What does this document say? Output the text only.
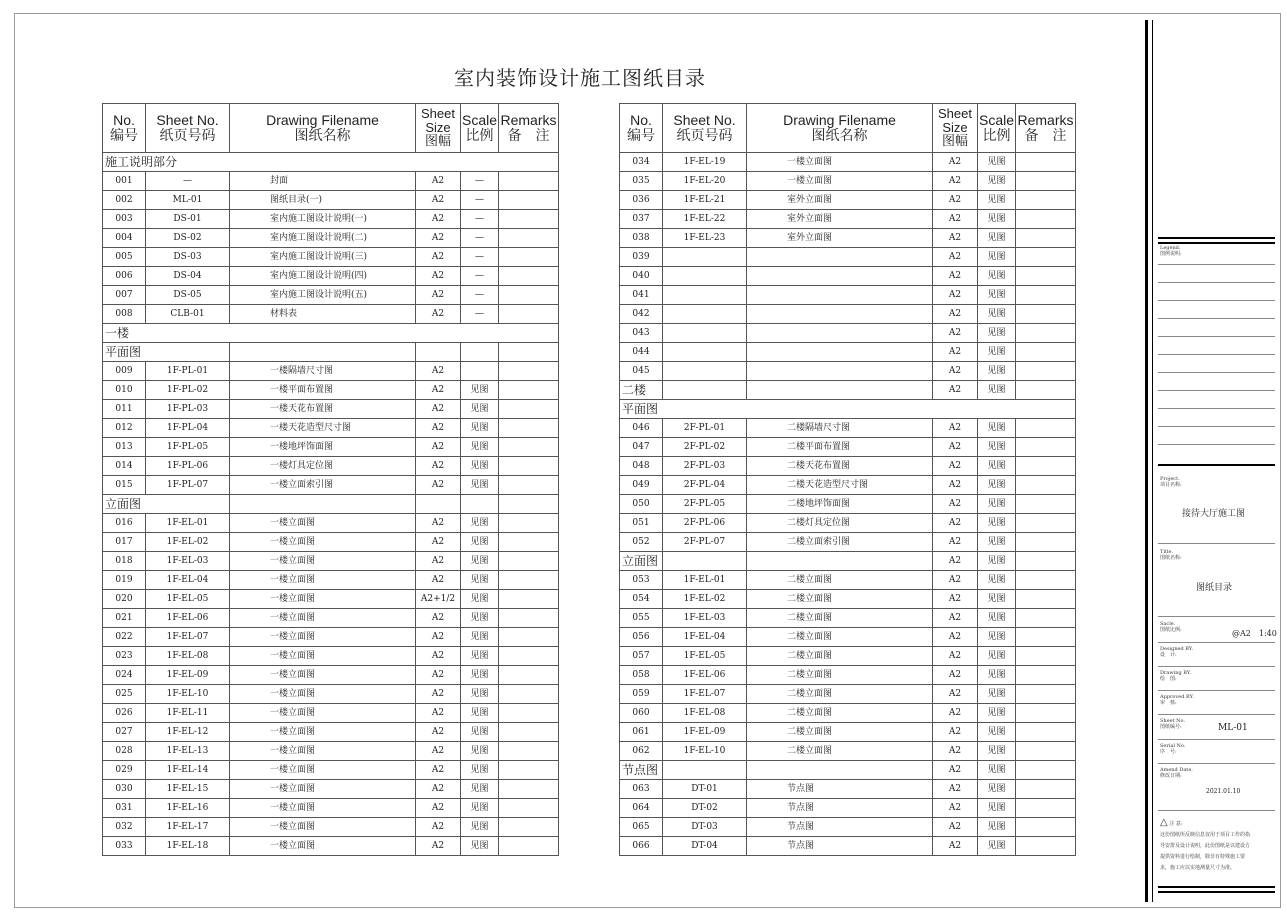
室内装饰设计施工图纸目录
No.
编号	Sheet No.
纸页号码	Drawing Filename
图纸名称	Sheet
Size
图幅	Scale
比例	Remarks
备　注
施工说明部分					
001	—	封面	A2	—	
002	ML-01	图纸目录(一)	A2	—	
003	DS-01	室内施工图设计说明(一)	A2	—	
004	DS-02	室内施工图设计说明(二)	A2	—	
005	DS-03	室内施工图设计说明(三)	A2	—	
006	DS-04	室内施工图设计说明(四)	A2	—	
007	DS-05	室内施工图设计说明(五)	A2	—	
008	CLB-01	材料表	A2	—	
一楼					
平面图					
009	1F-PL-01	一楼隔墙尺寸图	A2		
010	1F-PL-02	一楼平面布置图	A2	见图	
011	1F-PL-03	一楼天花布置图	A2	见图	
012	1F-PL-04	一楼天花造型尺寸图	A2	见图	
013	1F-PL-05	一楼地坪饰面图	A2	见图	
014	1F-PL-06	一楼灯具定位图	A2	见图	
015	1F-PL-07	一楼立面索引图	A2	见图	
立面图					
016	1F-EL-01	一楼立面图	A2	见图	
017	1F-EL-02	一楼立面图	A2	见图	
018	1F-EL-03	一楼立面图	A2	见图	
019	1F-EL-04	一楼立面图	A2	见图	
020	1F-EL-05	一楼立面图	A2+1/2	见图	
021	1F-EL-06	一楼立面图	A2	见图	
022	1F-EL-07	一楼立面图	A2	见图	
023	1F-EL-08	一楼立面图	A2	见图	
024	1F-EL-09	一楼立面图	A2	见图	
025	1F-EL-10	一楼立面图	A2	见图	
026	1F-EL-11	一楼立面图	A2	见图	
027	1F-EL-12	一楼立面图	A2	见图	
028	1F-EL-13	一楼立面图	A2	见图	
029	1F-EL-14	一楼立面图	A2	见图	
030	1F-EL-15	一楼立面图	A2	见图	
031	1F-EL-16	一楼立面图	A2	见图	
032	1F-EL-17	一楼立面图	A2	见图	
033	1F-EL-18	一楼立面图	A2	见图	
No.
编号	Sheet No.
纸页号码	Drawing Filename
图纸名称	Sheet
Size
图幅	Scale
比例	Remarks
备　注
034	1F-EL-19	一楼立面图	A2	见图	
035	1F-EL-20	一楼立面图	A2	见图	
036	1F-EL-21	室外立面图	A2	见图	
037	1F-EL-22	室外立面图	A2	见图	
038	1F-EL-23	室外立面图	A2	见图	
039			A2	见图	
040			A2	见图	
041			A2	见图	
042			A2	见图	
043			A2	见图	
044			A2	见图	
045			A2	见图	
二楼			A2	见图	
平面图					
046	2F-PL-01	二楼隔墙尺寸图	A2	见图	
047	2F-PL-02	二楼平面布置图	A2	见图	
048	2F-PL-03	二楼天花布置图	A2	见图	
049	2F-PL-04	二楼天花造型尺寸图	A2	见图	
050	2F-PL-05	二楼地坪饰面图	A2	见图	
051	2F-PL-06	二楼灯具定位图	A2	见图	
052	2F-PL-07	二楼立面索引图	A2	见图	
立面图			A2	见图	
053	1F-EL-01	二楼立面图	A2	见图	
054	1F-EL-02	二楼立面图	A2	见图	
055	1F-EL-03	二楼立面图	A2	见图	
056	1F-EL-04	二楼立面图	A2	见图	
057	1F-EL-05	二楼立面图	A2	见图	
058	1F-EL-06	二楼立面图	A2	见图	
059	1F-EL-07	二楼立面图	A2	见图	
060	1F-EL-08	二楼立面图	A2	见图	
061	1F-EL-09	二楼立面图	A2	见图	
062	1F-EL-10	二楼立面图	A2	见图	
节点图			A2	见图	
063	DT-01	节点图	A2	见图	
064	DT-02	节点图	A2	见图	
065	DT-03	节点图	A2	见图	
066	DT-04	节点图	A2	见图	
Legend.
图例说明:
Project.
项目名称:
接待大厅施工图
Title.
图纸名称:
图纸目录
Sacle.
图纸比例:	@A2　1:40
Designed BY.
设　计:
Drawing BY.
绘　图:
Approved BY.
审　核:
Sheet No.
图纸编号:	ML-01
Serial No.
序　号:
Amend Date.
修改日期:
2021.01.10
△ 注 意:
这份图纸所反映信息仅用于项目工作的指
导安排及设计说明，此份图纸是以建设方
提供资料进行绘制，除非有特殊施工要
求，施工应以实地测量尺寸为准。
